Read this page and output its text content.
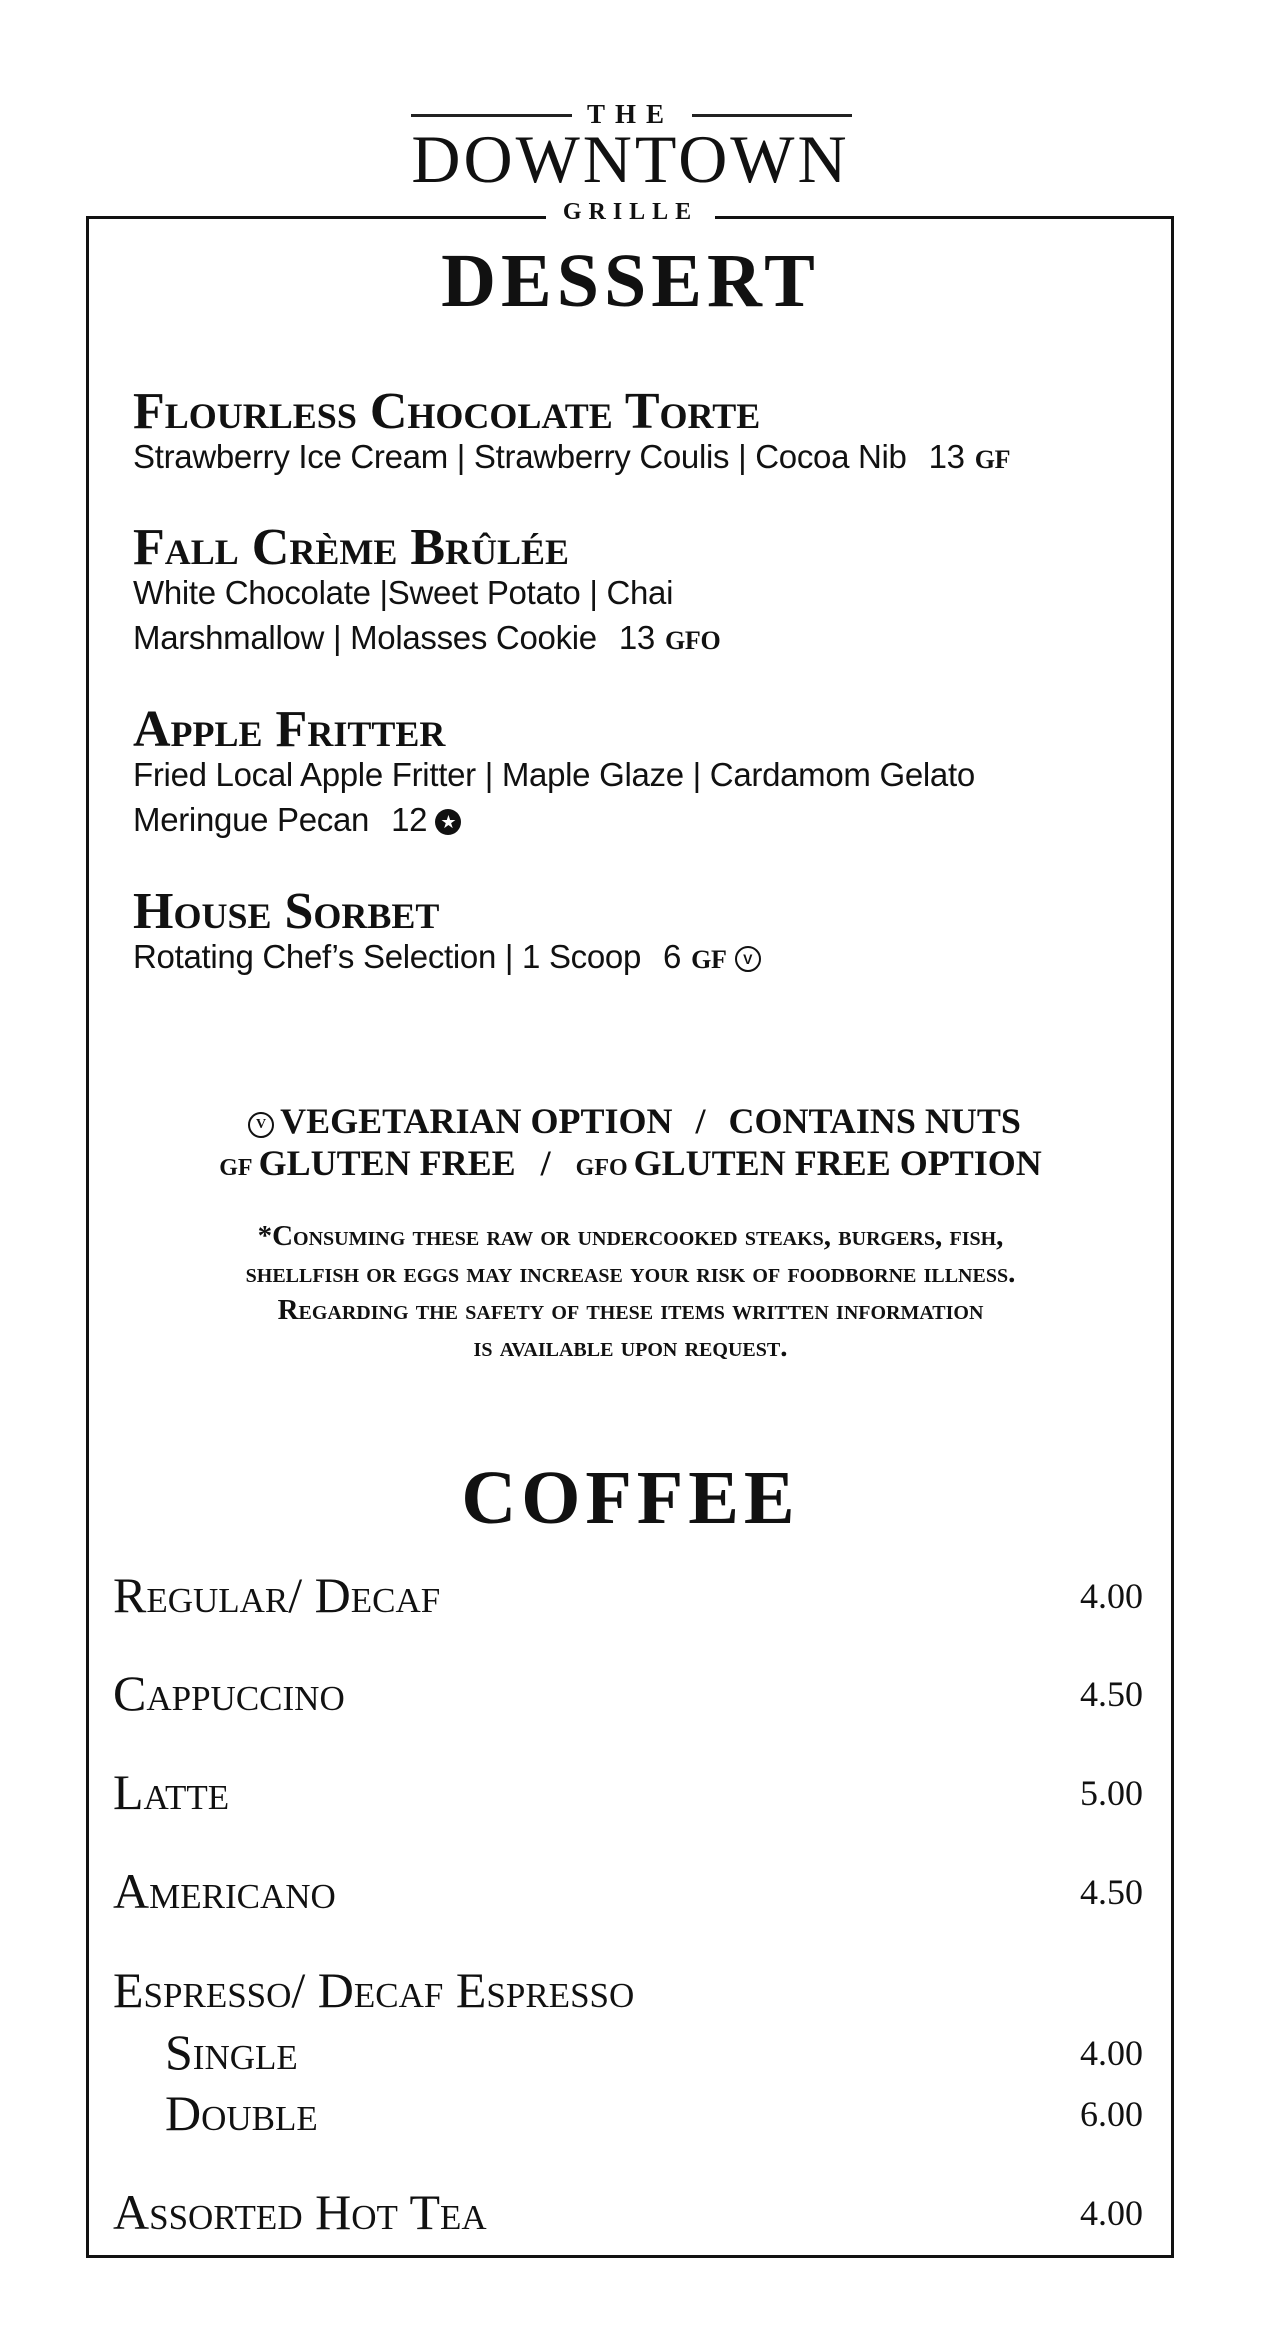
THE
DOWNTOWN
GRILLE
DESSERT
Flourless Chocolate Torte
Strawberry Ice Cream | Strawberry Coulis | Cocoa Nib 13 GF
Fall Crème Brûlée
White Chocolate |Sweet Potato | Chai
Marshmallow | Molasses Cookie 13 GFO
Apple Fritter
Fried Local Apple Fritter | Maple Glaze | Cardamom Gelato
Meringue Pecan 12 ★
House Sorbet
Rotating Chef’s Selection | 1 Scoop 6 GF V
V VEGETARIAN OPTION / CONTAINS NUTS
GF GLUTEN FREE / GFO GLUTEN FREE OPTION
*Consuming these raw or undercooked steaks, burgers, fish,
shellfish or eggs may increase your risk of foodborne illness.
Regarding the safety of these items written information
is available upon request.
COFFEE
Regular/ Decaf	4.00
Cappuccino	4.50
Latte	5.00
Americano	4.50
Espresso/ Decaf Espresso
Single	4.00
Double	6.00
Assorted Hot Tea	4.00
